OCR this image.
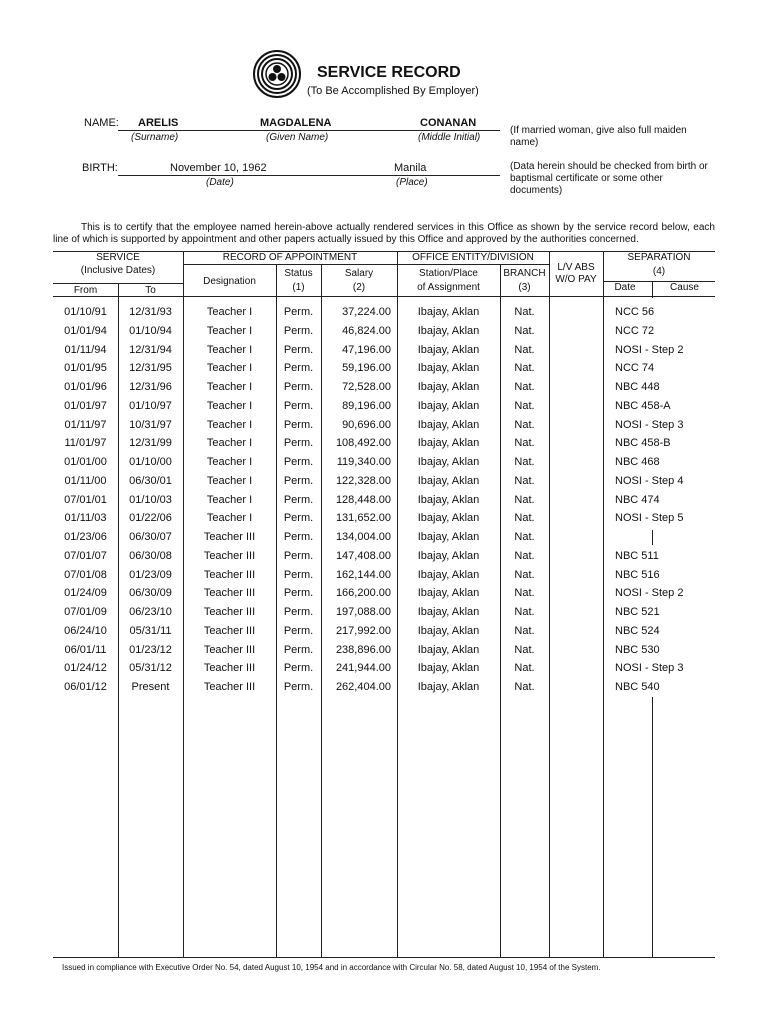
SERVICE RECORD
(To Be Accomplished By Employer)
NAME: ARELIS	MAGDALENA	CONANAN
(Surname)	(Given Name)	(Middle Initial)
(If married woman, give also full maiden name)
BIRTH:	November 10, 1962	Manila
(Date)	(Place)
(Data herein should be checked from birth or baptismal certificate or some other documents)

This is to certify that the employee named herein-above actually rendered services in this Office as shown by the service record below, each line of which is supported by appointment and other papers actually issued by this Office and approved by the authorities concerned.

SERVICE
(Inclusive Dates)
From	To
RECORD OF APPOINTMENT
Designation
Status
(1)
Salary
(2)
OFFICE ENTITY/DIVISION
Station/Place
of Assignment
BRANCH
(3)
L/V ABS
W/O PAY
SEPARATION
(4)
Date	Cause
01/10/91	12/31/93	Teacher I	Perm.	37,224.00	Ibajay, Aklan	Nat.	NCC 56
01/01/94	01/10/94	Teacher I	Perm.	46,824.00	Ibajay, Aklan	Nat.	NCC 72
01/11/94	12/31/94	Teacher I	Perm.	47,196.00	Ibajay, Aklan	Nat.	NOSI - Step 2
01/01/95	12/31/95	Teacher I	Perm.	59,196.00	Ibajay, Aklan	Nat.	NCC 74
01/01/96	12/31/96	Teacher I	Perm.	72,528.00	Ibajay, Aklan	Nat.	NBC 448
01/01/97	01/10/97	Teacher I	Perm.	89,196.00	Ibajay, Aklan	Nat.	NBC 458-A
01/11/97	10/31/97	Teacher I	Perm.	90,696.00	Ibajay, Aklan	Nat.	NOSI - Step 3
11/01/97	12/31/99	Teacher I	Perm.	108,492.00	Ibajay, Aklan	Nat.	NBC 458-B
01/01/00	01/10/00	Teacher I	Perm.	119,340.00	Ibajay, Aklan	Nat.	NBC 468
01/11/00	06/30/01	Teacher I	Perm.	122,328.00	Ibajay, Aklan	Nat.	NOSI - Step 4
07/01/01	01/10/03	Teacher I	Perm.	128,448.00	Ibajay, Aklan	Nat.	NBC 474
01/11/03	01/22/06	Teacher I	Perm.	131,652.00	Ibajay, Aklan	Nat.	NOSI - Step 5
01/23/06	06/30/07	Teacher III	Perm.	134,004.00	Ibajay, Aklan	Nat.
07/01/07	06/30/08	Teacher III	Perm.	147,408.00	Ibajay, Aklan	Nat.	NBC 511
07/01/08	01/23/09	Teacher III	Perm.	162,144.00	Ibajay, Aklan	Nat.	NBC 516
01/24/09	06/30/09	Teacher III	Perm.	166,200.00	Ibajay, Aklan	Nat.	NOSI - Step 2
07/01/09	06/23/10	Teacher III	Perm.	197,088.00	Ibajay, Aklan	Nat.	NBC 521
06/24/10	05/31/11	Teacher III	Perm.	217,992.00	Ibajay, Aklan	Nat.	NBC 524
06/01/11	01/23/12	Teacher III	Perm.	238,896.00	Ibajay, Aklan	Nat.	NBC 530
01/24/12	05/31/12	Teacher III	Perm.	241,944.00	Ibajay, Aklan	Nat.	NOSI - Step 3
06/01/12	Present	Teacher III	Perm.	262,404.00	Ibajay, Aklan	Nat.	NBC 540
Issued in compliance with Executive Order No. 54, dated August 10, 1954 and in accordance with Circular No. 58, dated August 10, 1954 of the System.
